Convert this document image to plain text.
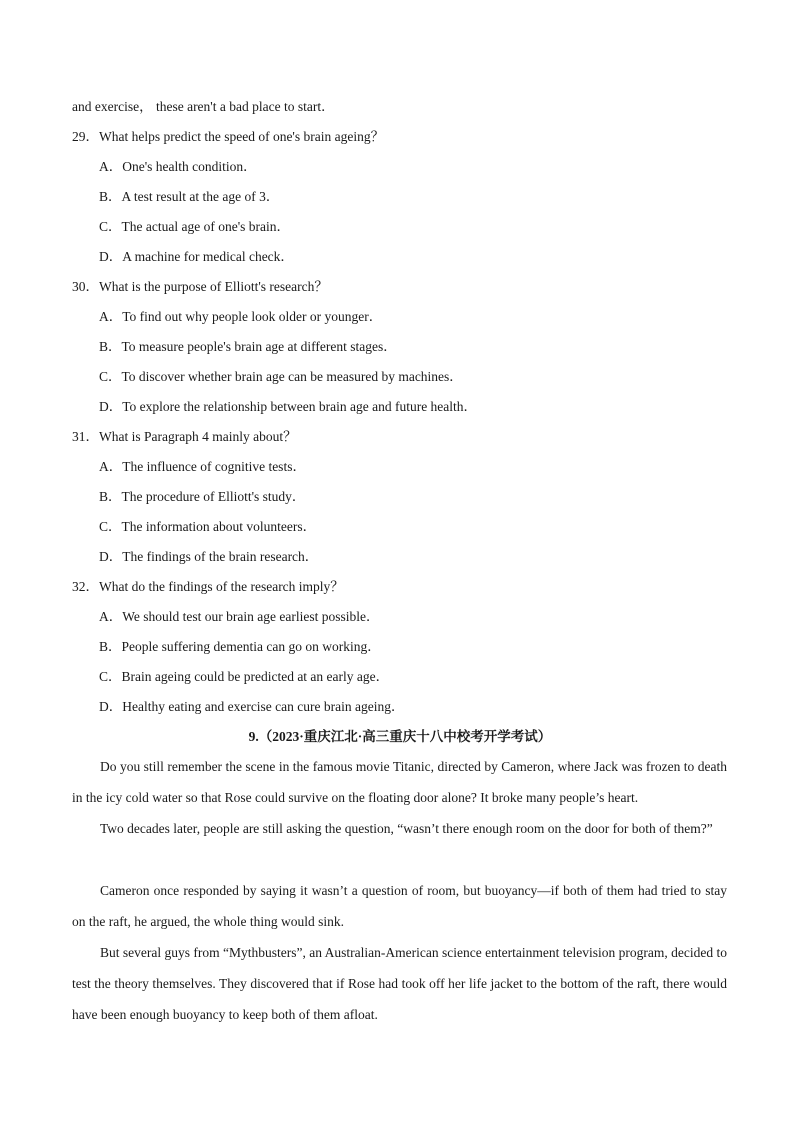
and exercise， these aren't a bad place to start．
29．What helps predict the speed of one's brain ageing？
A．One's health condition．
B．A test result at the age of 3．
C．The actual age of one's brain．
D．A machine for medical check．
30．What is the purpose of Elliott's research？
A．To find out why people look older or younger．
B．To measure people's brain age at different stages．
C．To discover whether brain age can be measured by machines．
D．To explore the relationship between brain age and future health．
31．What is Paragraph 4 mainly about？
A．The influence of cognitive tests．
B．The procedure of Elliott's study．
C．The information about volunteers．
D．The findings of the brain research．
32．What do the findings of the research imply？
A．We should test our brain age earliest possible．
B．People suffering dementia can go on working．
C．Brain ageing could be predicted at an early age．
D．Healthy eating and exercise can cure brain ageing．
9.（2023·重庆江北·高三重庆十八中校考开学考试）

Do you still remember the scene in the famous movie Titanic, directed by Cameron, where Jack was frozen to death in the icy cold water so that Rose could survive on the floating door alone? It broke many people’s heart.

Two decades later, people are still asking the question, “wasn’t there enough room on the door for both of them?”

Cameron once responded by saying it wasn’t a question of room, but buoyancy—if both of them had tried to stay on the raft, he argued, the whole thing would sink.

But several guys from “Mythbusters”, an Australian-American science entertainment television program, decided to test the theory themselves. They discovered that if Rose had took off her life jacket to the bottom of the raft, there would have been enough buoyancy to keep both of them afloat.
